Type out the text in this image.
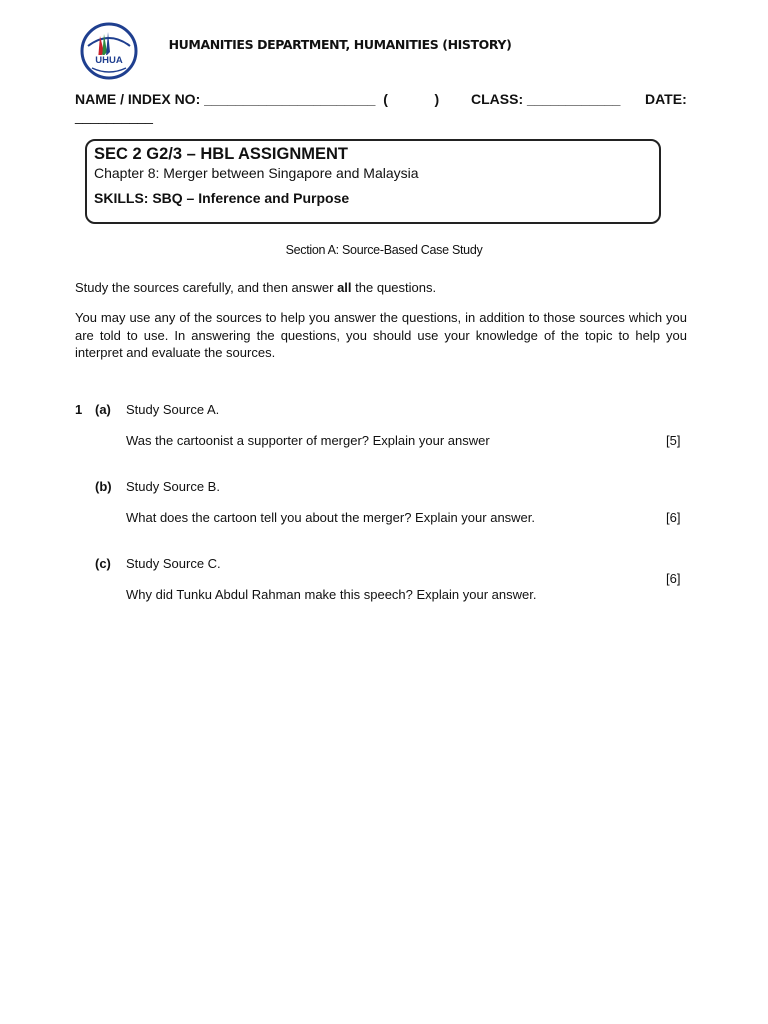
UHUA
HUMANITIES DEPARTMENT, HUMANITIES (HISTORY)
NAME / INDEX NO: ______________________  (            ) CLASS: ____________ DATE:
__________
SEC 2 G2/3 – HBL ASSIGNMENT
Chapter 8: Merger between Singapore and Malaysia
SKILLS: SBQ – Inference and Purpose
Section A: Source-Based Case Study
Study the sources carefully, and then answer all the questions.
You may use any of the sources to help you answer the questions, in addition to those sources which you are told to use. In answering the questions, you should use your knowledge of the topic to help you interpret and evaluate the sources.
1 (a) Study Source A.
Was the cartoonist a supporter of merger? Explain your answer	[5]
(b) Study Source B.
What does the cartoon tell you about the merger? Explain your answer.	[6]
(c) Study Source C.
[6]
Why did Tunku Abdul Rahman make this speech? Explain your answer.
